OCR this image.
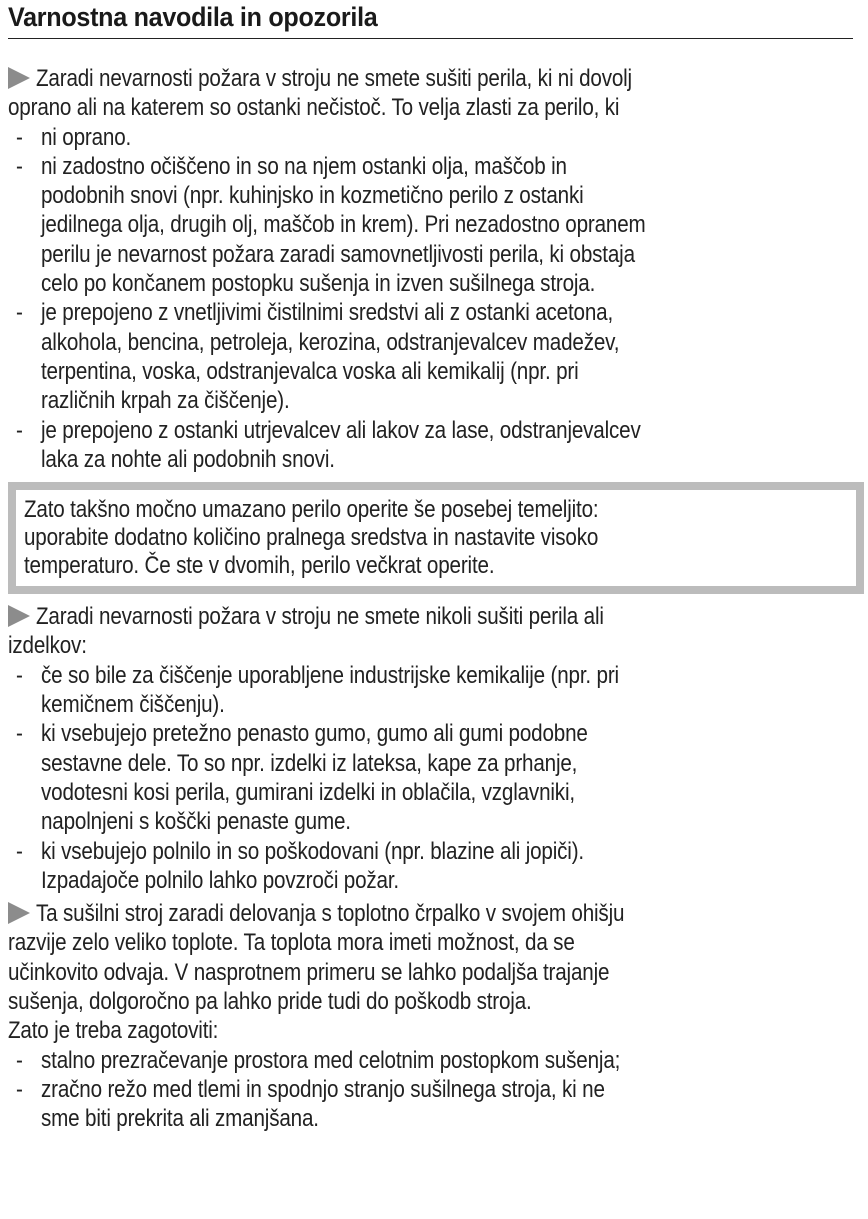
Varnostna navodila in opozorila
Zaradi nevarnosti požara v stroju ne smete sušiti perila, ki ni dovolj
oprano ali na katerem so ostanki nečistoč. To velja zlasti za perilo, ki
- ni oprano.
- ni zadostno očiščeno in so na njem ostanki olja, maščob in
podobnih snovi (npr. kuhinjsko in kozmetično perilo z ostanki
jedilnega olja, drugih olj, maščob in krem). Pri nezadostno opranem
perilu je nevarnost požara zaradi samovnetljivosti perila, ki obstaja
celo po končanem postopku sušenja in izven sušilnega stroja.
- je prepojeno z vnetljivimi čistilnimi sredstvi ali z ostanki acetona,
alkohola, bencina, petroleja, kerozina, odstranjevalcev madežev,
terpentina, voska, odstranjevalca voska ali kemikalij (npr. pri
različnih krpah za čiščenje).
- je prepojeno z ostanki utrjevalcev ali lakov za lase, odstranjevalcev
laka za nohte ali podobnih snovi.
Zato takšno močno umazano perilo operite še posebej temeljito:
uporabite dodatno količino pralnega sredstva in nastavite visoko
temperaturo. Če ste v dvomih, perilo večkrat operite.
Zaradi nevarnosti požara v stroju ne smete nikoli sušiti perila ali
izdelkov:
- če so bile za čiščenje uporabljene industrijske kemikalije (npr. pri
kemičnem čiščenju).
- ki vsebujejo pretežno penasto gumo, gumo ali gumi podobne
sestavne dele. To so npr. izdelki iz lateksa, kape za prhanje,
vodotesni kosi perila, gumirani izdelki in oblačila, vzglavniki,
napolnjeni s koščki penaste gume.
- ki vsebujejo polnilo in so poškodovani (npr. blazine ali jopiči).
Izpadajoče polnilo lahko povzroči požar.
Ta sušilni stroj zaradi delovanja s toplotno črpalko v svojem ohišju
razvije zelo veliko toplote. Ta toplota mora imeti možnost, da se
učinkovito odvaja. V nasprotnem primeru se lahko podaljša trajanje
sušenja, dolgoročno pa lahko pride tudi do poškodb stroja.
Zato je treba zagotoviti:
- stalno prezračevanje prostora med celotnim postopkom sušenja;
- zračno režo med tlemi in spodnjo stranjo sušilnega stroja, ki ne
sme biti prekrita ali zmanjšana.
